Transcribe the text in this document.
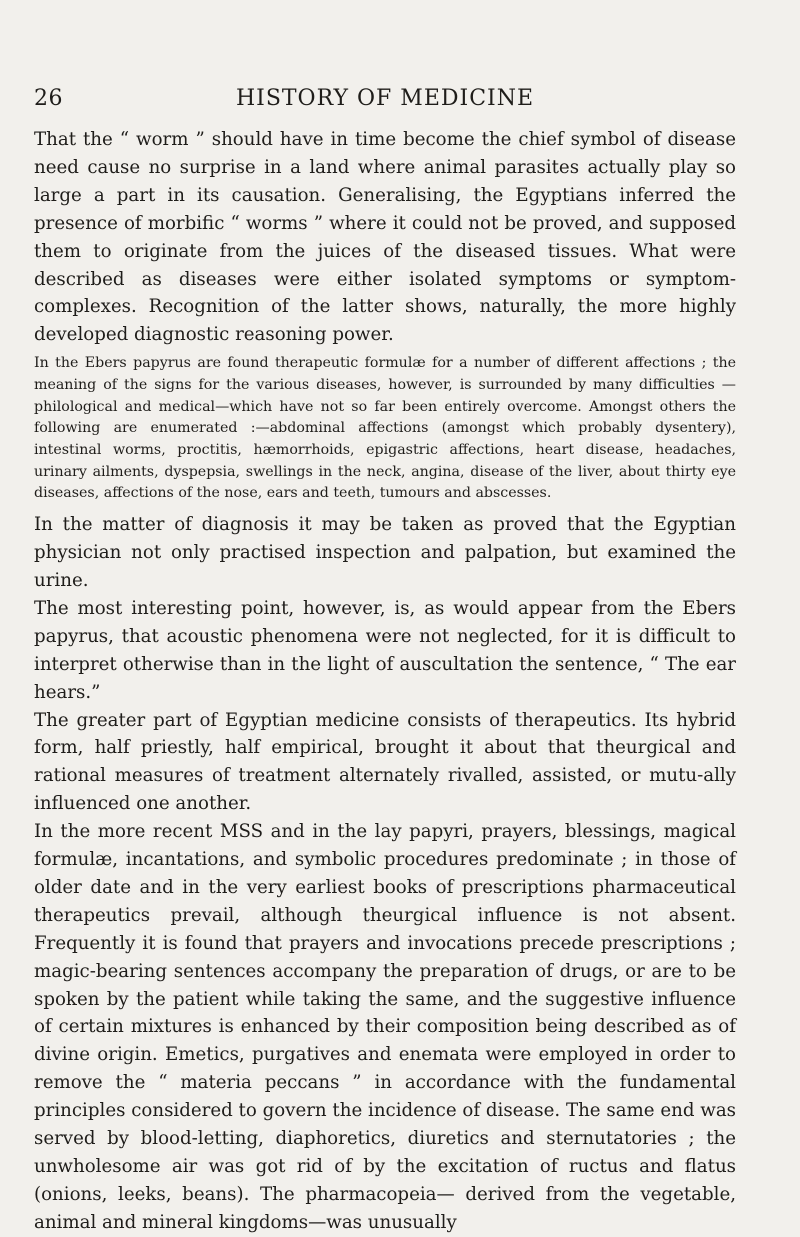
26	HISTORY OF MEDICINE

That the “ worm ” should have in time become the chief symbol of disease need cause no surprise in a land where animal parasites actually play so large a part in its causation. Generalising, the Egyptians inferred the presence of morbific “ worms ” where it could not be proved, and supposed them to originate from the juices of the diseased tissues. What were described as diseases were either isolated symptoms or symptom-complexes. Recognition of the latter shows, naturally, the more highly developed diagnostic reasoning power.

In the Ebers papyrus are found therapeutic formulæ for a number of different affections ; the meaning of the signs for the various diseases, however, is surrounded by many difficulties —philological and medical—which have not so far been entirely overcome. Amongst others the following are enumerated :—abdominal affections (amongst which probably dysentery), intestinal worms, proctitis, hæmorrhoids, epigastric affections, heart disease, headaches, urinary ailments, dyspepsia, swellings in the neck, angina, disease of the liver, about thirty eye diseases, affections of the nose, ears and teeth, tumours and abscesses.

In the matter of diagnosis it may be taken as proved that the Egyptian physician not only practised inspection and palpation, but examined the urine.

The most interesting point, however, is, as would appear from the Ebers papyrus, that acoustic phenomena were not neglected, for it is difficult to interpret otherwise than in the light of auscultation the sentence, “ The ear hears.”

The greater part of Egyptian medicine consists of therapeutics. Its hybrid form, half priestly, half empirical, brought it about that theurgical and rational measures of treatment alternately rivalled, assisted, or mutu-ally influenced one another.

In the more recent MSS and in the lay papyri, prayers, blessings, magical formulæ, incantations, and symbolic procedures predominate ; in those of older date and in the very earliest books of prescriptions pharmaceutical therapeutics prevail, although theurgical influence is not absent. Frequently it is found that prayers and invocations precede prescriptions ; magic-bearing sentences accompany the preparation of drugs, or are to be spoken by the patient while taking the same, and the suggestive influence of certain mixtures is enhanced by their composition being described as of divine origin. Emetics, purgatives and enemata were employed in order to remove the “ materia peccans ” in accordance with the fundamental principles considered to govern the incidence of disease. The same end was served by blood-letting, diaphoretics, diuretics and sternutatories ; the unwholesome air was got rid of by the excitation of ructus and flatus (onions, leeks, beans). The pharmacopeia— derived from the vegetable, animal and mineral kingdoms—was unusually
